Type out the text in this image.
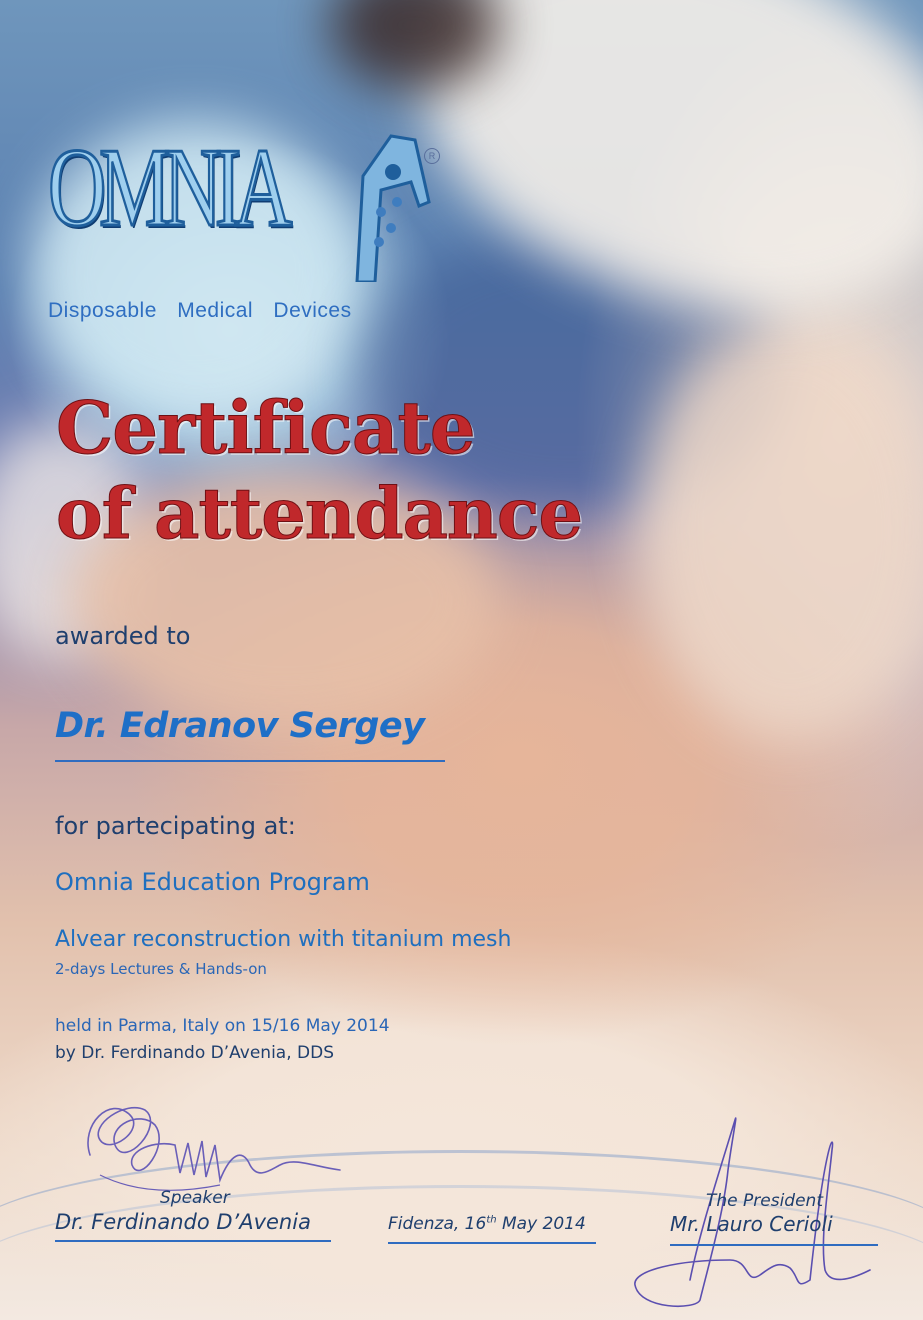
OMNIA	R
Disposable Medical Devices
Certificate
of attendance
awarded to
Dr. Edranov Sergey
for partecipating at:
Omnia Education Program
Alvear reconstruction with titanium mesh
2-days Lectures & Hands-on
held in Parma, Italy on 15/16 May 2014
by Dr. Ferdinando D’Avenia, DDS
Speaker
Dr. Ferdinando D’Avenia	Fidenza, 16th May 2014
The President
Mr. Lauro Cerioli
